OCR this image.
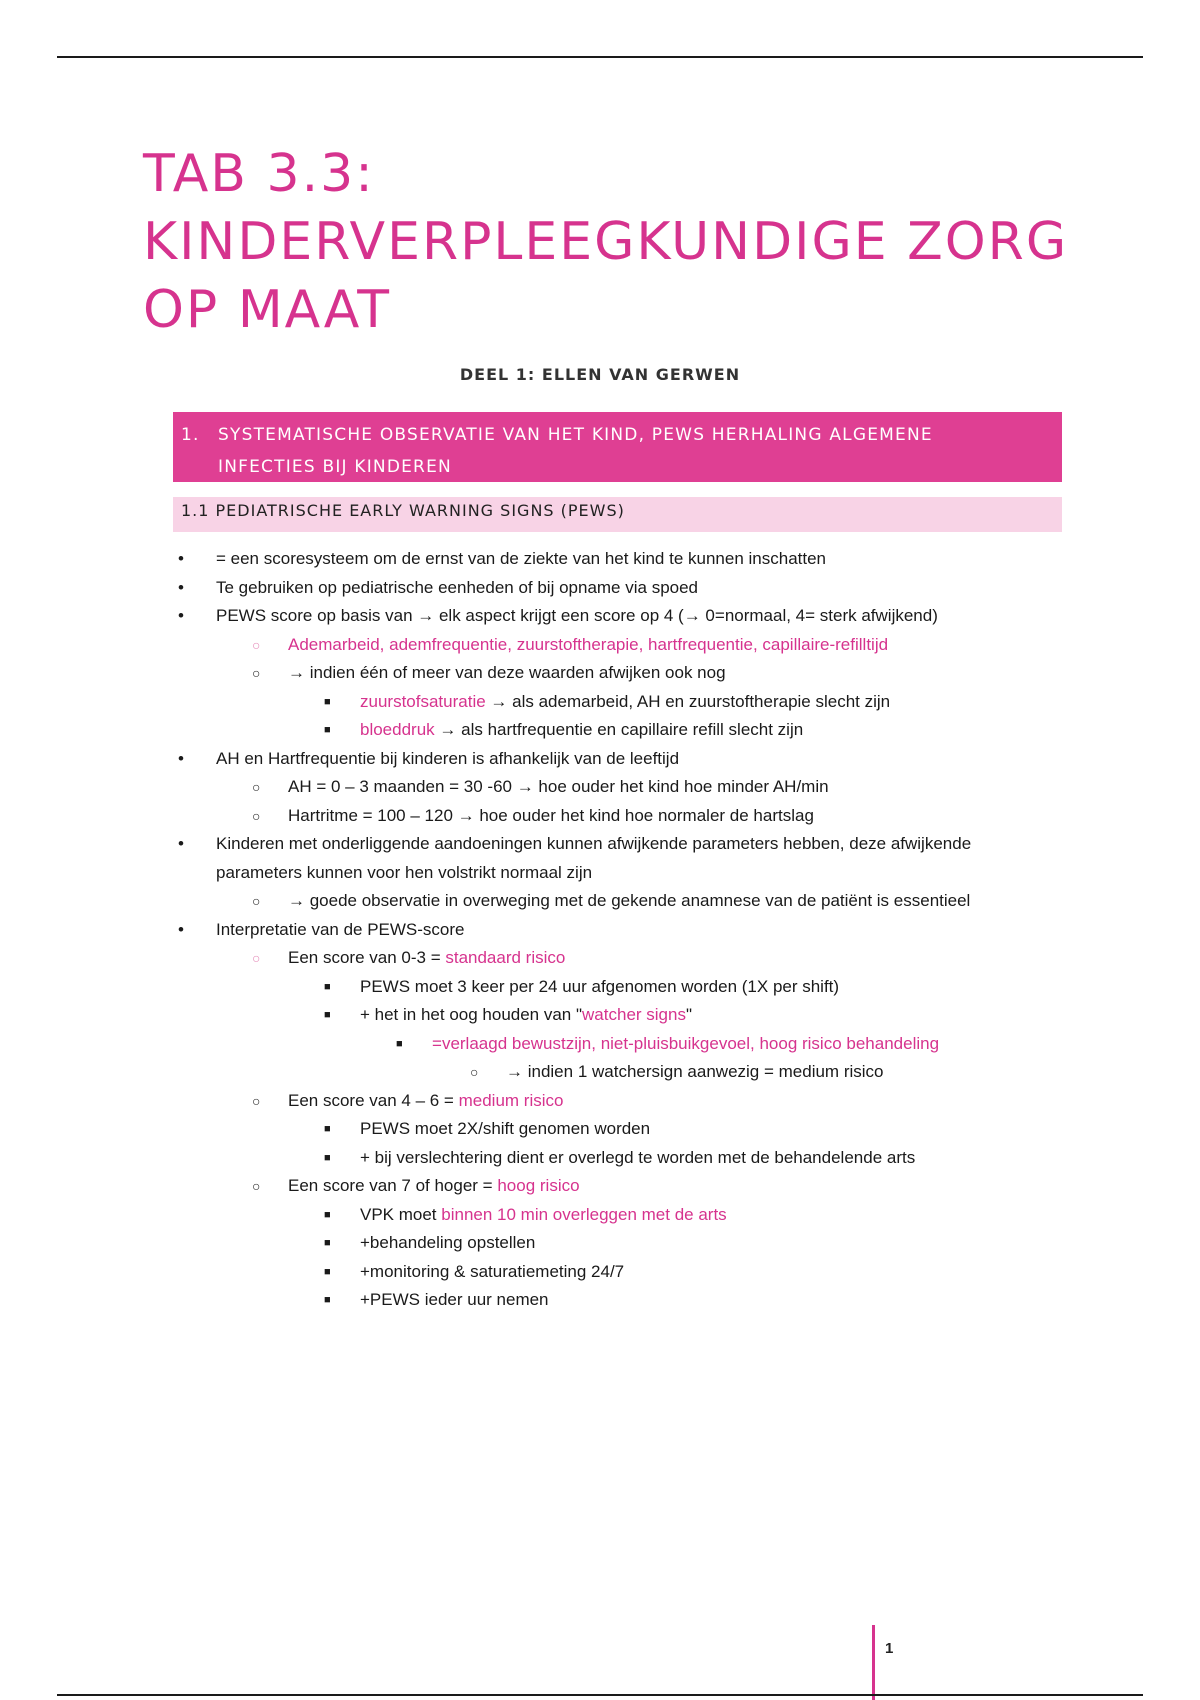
TAB 3.3:
KINDERVERPLEEGKUNDIGE ZORG
OP MAAT
DEEL 1: ELLEN VAN GERWEN
1.	SYSTEMATISCHE OBSERVATIE VAN HET KIND, PEWS HERHALING ALGEMENE
INFECTIES BIJ KINDEREN
1.1 PEDIATRISCHE EARLY WARNING SIGNS (PEWS)
• = een scoresysteem om de ernst van de ziekte van het kind te kunnen inschatten
• Te gebruiken op pediatrische eenheden of bij opname via spoed
• PEWS score op basis van → elk aspect krijgt een score op 4 (→ 0=normaal, 4= sterk afwijkend)
○ Ademarbeid, ademfrequentie, zuurstoftherapie, hartfrequentie, capillaire-refilltijd
○ → indien één of meer van deze waarden afwijken ook nog
■ zuurstofsaturatie → als ademarbeid, AH en zuurstoftherapie slecht zijn
■ bloeddruk → als hartfrequentie en capillaire refill slecht zijn
• AH en Hartfrequentie bij kinderen is afhankelijk van de leeftijd
○ AH = 0 – 3 maanden = 30 -60 → hoe ouder het kind hoe minder AH/min
○ Hartritme = 100 – 120 → hoe ouder het kind hoe normaler de hartslag
•	Kinderen met onderliggende aandoeningen kunnen afwijkende parameters hebben, deze afwijkende parameters kunnen voor hen volstrikt normaal zijn
○ → goede observatie in overweging met de gekende anamnese van de patiënt is essentieel
• Interpretatie van de PEWS-score
○ Een score van 0-3 = standaard risico
■ PEWS moet 3 keer per 24 uur afgenomen worden (1X per shift)
■ + het in het oog houden van "watcher signs"
■ =verlaagd bewustzijn, niet-pluisbuikgevoel, hoog risico behandeling
○ → indien 1 watchersign aanwezig = medium risico
○ Een score van 4 – 6 = medium risico
■ PEWS moet 2X/shift genomen worden
■ + bij verslechtering dient er overlegd te worden met de behandelende arts
○ Een score van 7 of hoger = hoog risico
■ VPK moet binnen 10 min overleggen met de arts
■ +behandeling opstellen
■ +monitoring & saturatiemeting 24/7
■ +PEWS ieder uur nemen
1
